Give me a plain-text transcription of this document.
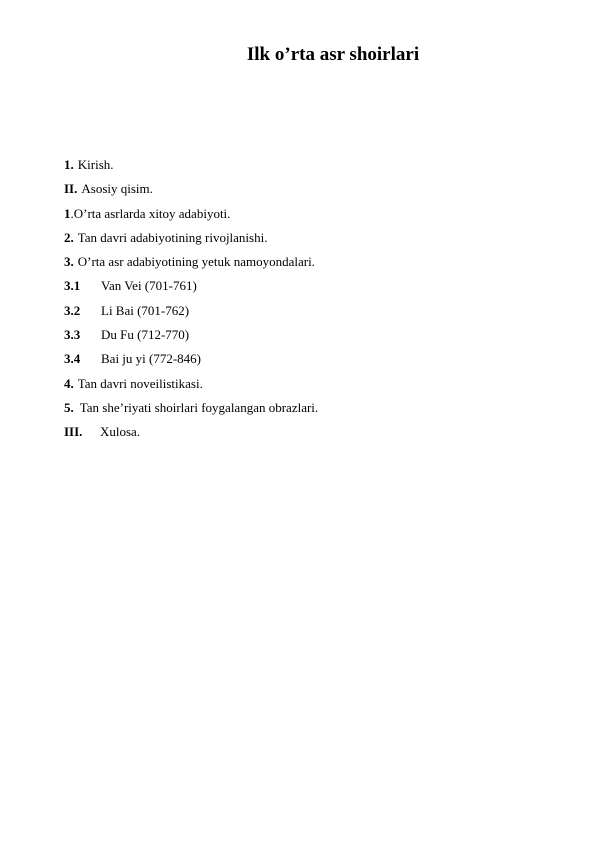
Ilk o’rta asr shoirlari
1. Kirish.
II. Asosiy qisim.
1.O’rta asrlarda xitoy adabiyoti.
2. Tan davri adabiyotining rivojlanishi.
3. O’rta asr adabiyotining yetuk namoyondalari.
3.1 Van Vei (701-761)
3.2 Li Bai (701-762)
3.3 Du Fu (712-770)
3.4 Bai ju yi (772-846)
4. Tan davri noveilistikasi.
5. Tan she’riyati shoirlari foygalangan obrazlari.
III. Xulosa.
